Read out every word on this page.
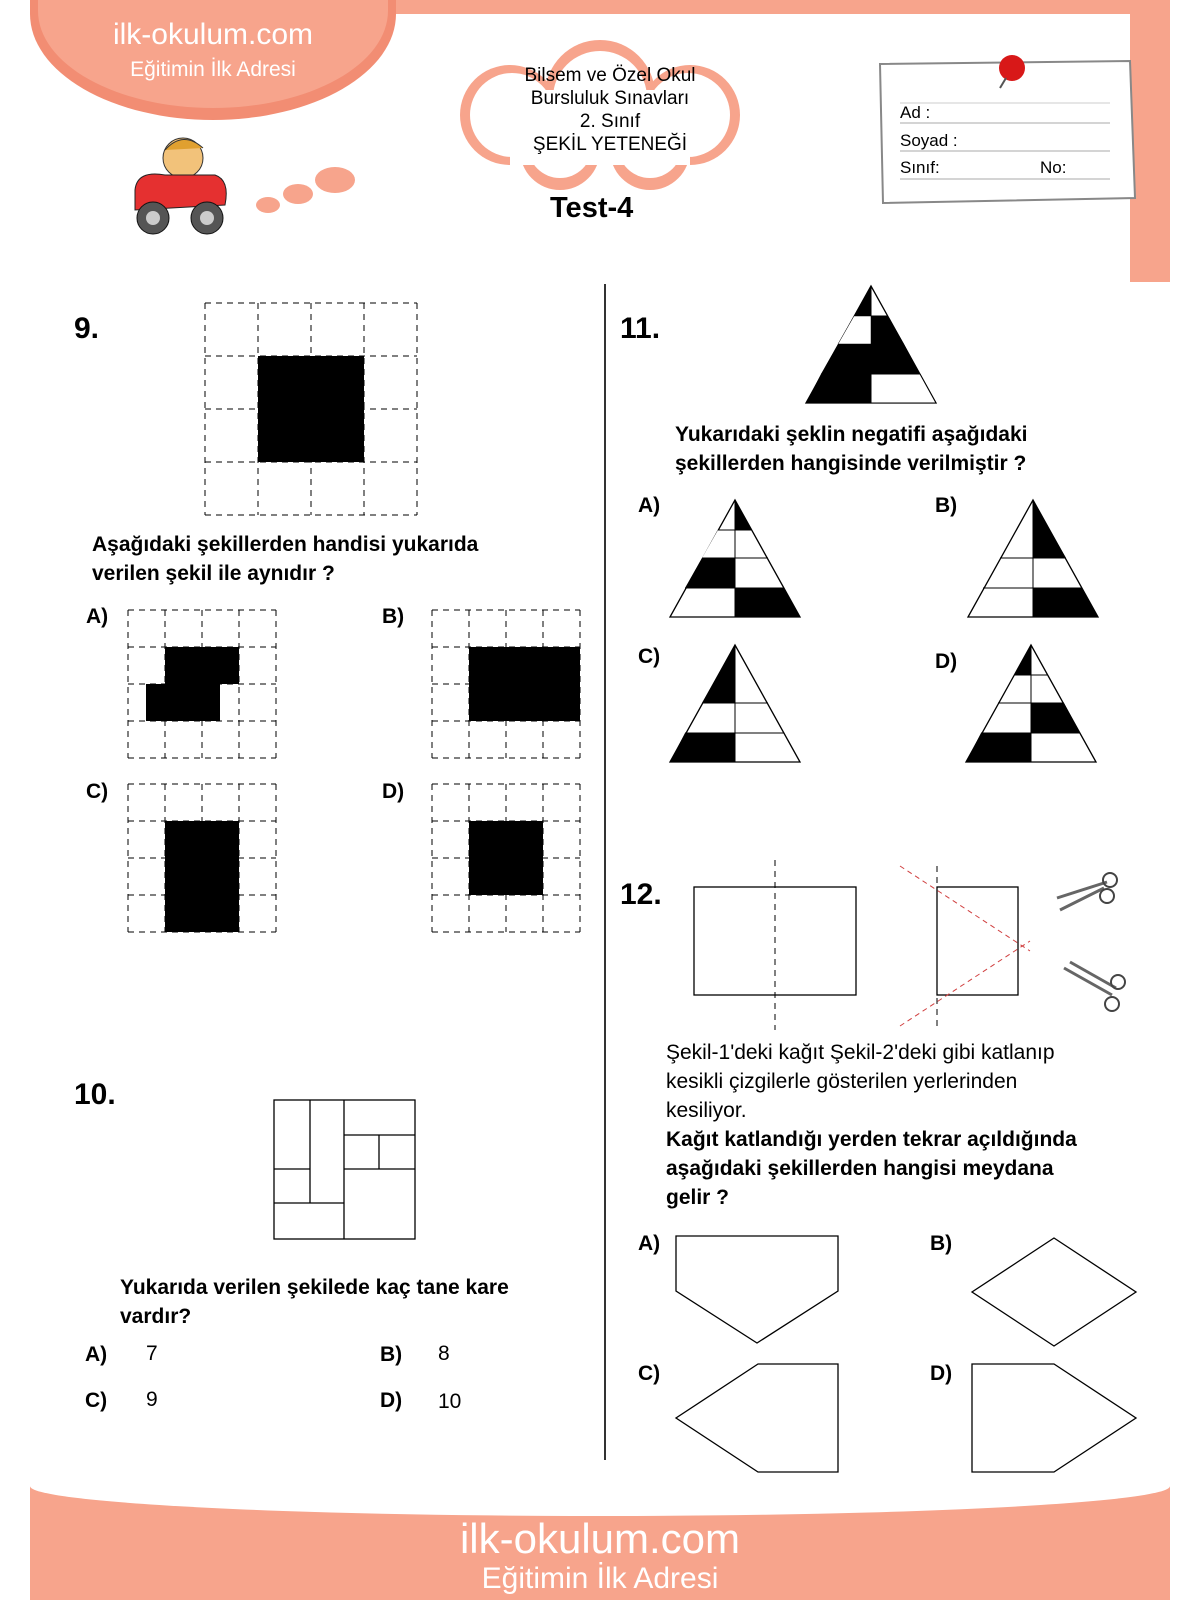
ilk-okulum.com
Eğitimin İlk Adresi	Bilsem ve Özel Okul
Bursluluk Sınavları
2. Sınıf
ŞEKİL YETENEĞİ
Test-4
Ad :
Soyad :
Sınıf:	No:
9.
Aşağıdaki şekillerden handisi yukarıda
verilen şekil ile aynıdır ?
A)	B)
C)	D)
10.
Yukarıda verilen şekilede kaç tane kare
vardır?
A) 7	B) 8
C) 9	D) 10
11.
Yukarıdaki şeklin negatifi aşağıdaki
şekillerden hangisinde verilmiştir ?
A)	B)
C)	D)
12.
Şekil-1'deki kağıt Şekil-2'deki gibi katlanıp
kesikli çizgilerle gösterilen yerlerinden
kesiliyor.
Kağıt katlandığı yerden tekrar açıldığında
aşağıdaki şekillerden hangisi meydana
gelir ?
A)	B)
C)	D)
ilk-okulum.com
Eğitimin İlk Adresi
